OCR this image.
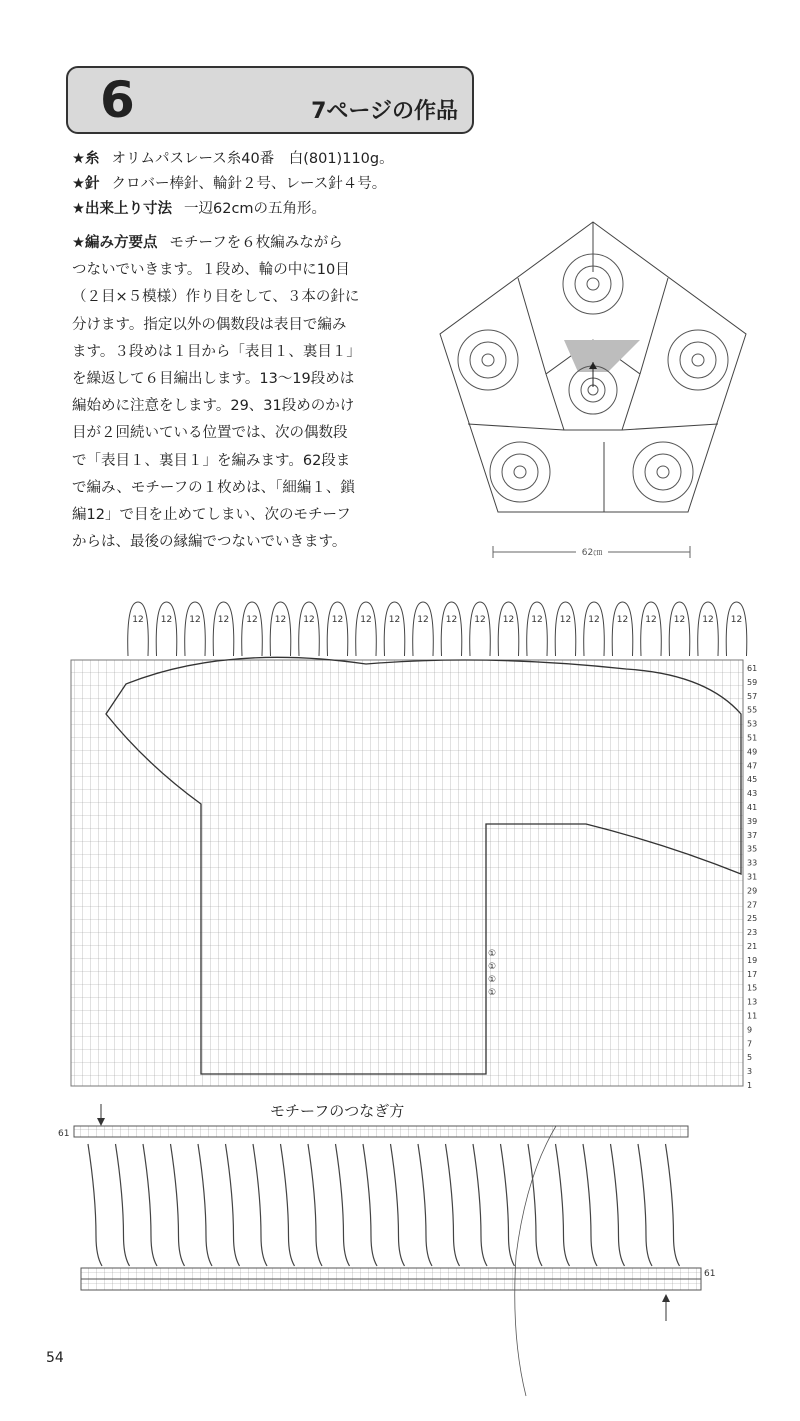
6	7ページの作品
★糸 オリムパスレース糸40番　白(801)110g。
★針 クロバー棒針、輪針２号、レース針４号。
★出来上り寸法 一辺62cmの五角形。
★編み方要点 モチーフを６枚編みながら
つないでいきます。１段め、輪の中に10目
（２目×５模様）作り目をして、３本の針に
分けます。指定以外の偶数段は表目で編み
ます。３段めは１目から「表目１、裏目１」
を繰返して６目編出します。13〜19段めは
編始めに注意をします。29、31段めのかけ
目が２回続いている位置では、次の偶数段
で「表目１、裏目１」を編みます。62段ま
で編み、モチーフの１枚めは、「細編１、鎖
編12」で目を止めてしまい、次のモチーフ
からは、最後の縁編でつないでいきます。
62㎝
12 12 12 12 12 12 12 12 12 12 12 12 12 12 12 12 12 12 12 12 12 12
61
59
57
55
53
51
49
47
45
43
41
39
37
35
33
31
29
27
25
23
21
19
17
15
13
11
9
7
5
3
1
①
①
①
①
モチーフのつなぎ方
61
61
54
